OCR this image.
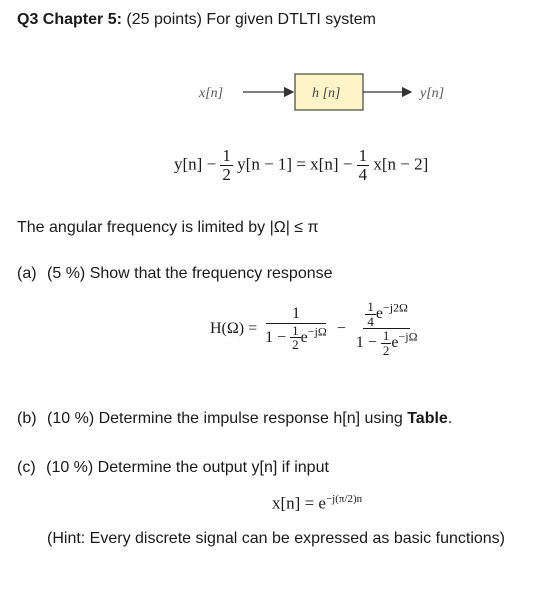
Q3 Chapter 5: (25 points) For given DTLTI system
x[n]	h [n]	y[n]
$y[n] - \frac{1}{2} y[n - 1] = x[n] - \frac{1}{4} x[n - 2]$
The angular frequency is limited by |Ω| ≤ π
(a) (5 %) Show that the frequency response
$H(\Omega) = \frac{1}{1 - \frac{1}{2} e^{-j\Omega}} - \frac{\frac{1}{4} e^{-j2\Omega}}{1 - \frac{1}{2} e^{-j\Omega}}$
(b) (10 %) Determine the impulse response h[n] using Table.
(c) (10 %) Determine the output y[n] if input
$x[n] = e^{-j(\pi/2)n}$
(Hint: Every discrete signal can be expressed as basic functions)
